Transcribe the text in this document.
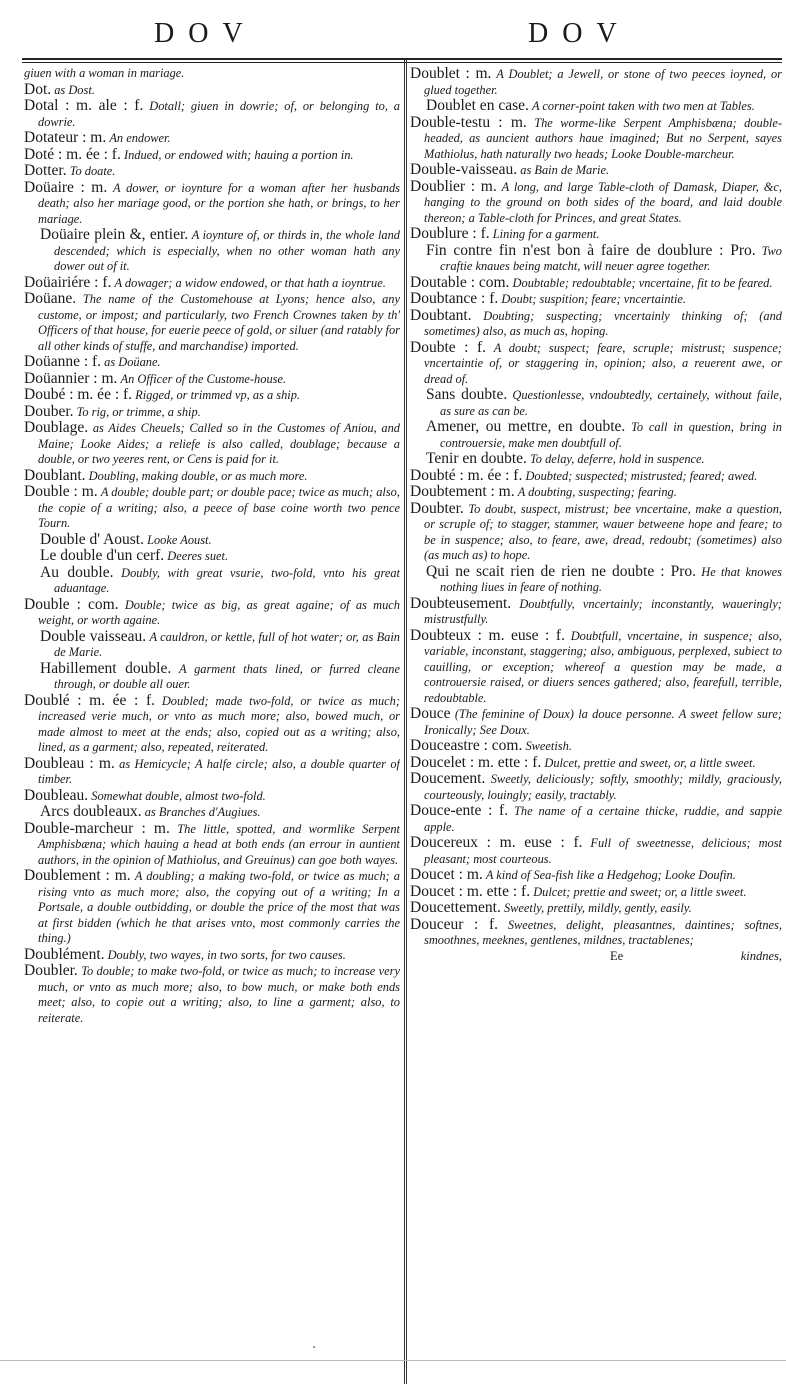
DOV	DOV

giuen with a woman in mariage.

Dot. as Dost.

Dotal : m. ale : f. Dotall; giuen in dowrie; of, or belonging to, a dowrie.

Dotateur : m. An endower.

Doté : m. ée : f. Indued, or endowed with; hauing a portion in.

Dotter. To doate.

Doüaire : m. A dower, or ioynture for a woman after her husbands death; also her mariage good, or the portion she hath, or brings, to her mariage.

Doüaire plein &, entier. A ioynture of, or thirds in, the whole land descended; which is especially, when no other woman hath any dower out of it.

Doüairiére : f. A dowager; a widow endowed, or that hath a ioyntrue.

Doüane. The name of the Customehouse at Lyons; hence also, any custome, or impost; and particularly, two French Crownes taken by th' Officers of that house, for euerie peece of gold, or siluer (and ratably for all other kinds of stuffe, and marchandise) imported.

Doüanne : f. as Doüane.

Doüannier : m. An Officer of the Custome-house.

Doubé : m. ée : f. Rigged, or trimmed vp, as a ship.

Douber. To rig, or trimme, a ship.

Doublage. as Aides Cheuels; Called so in the Customes of Aniou, and Maine; Looke Aides; a reliefe is also called, doublage; because a double, or two yeeres rent, or Cens is paid for it.

Doublant. Doubling, making double, or as much more.

Double : m. A double; double part; or double pace; twice as much; also, the copie of a writing; also, a peece of base coine worth two pence Tourn.

Double d' Aoust. Looke Aoust.

Le double d'un cerf. Deeres suet.

Au double. Doubly, with great vsurie, two-fold, vnto his great aduantage.

Double : com. Double; twice as big, as great againe; of as much weight, or worth againe.

Double vaisseau. A cauldron, or kettle, full of hot water; or, as Bain de Marie.

Habillement double. A garment thats lined, or furred cleane through, or double all ouer.

Doublé : m. ée : f. Doubled; made two-fold, or twice as much; increased verie much, or vnto as much more; also, bowed much, or made almost to meet at the ends; also, copied out as a writing; also, lined, as a garment; also, repeated, reiterated.

Doubleau : m. as Hemicycle; A halfe circle; also, a double quarter of timber.

Doubleau. Somewhat double, almost two-fold.

Arcs doubleaux. as Branches d'Augiues.

Double-marcheur : m. The little, spotted, and wormlike Serpent Amphisbæna; which hauing a head at both ends (an errour in auntient authors, in the opinion of Mathiolus, and Greuinus) can goe both wayes.

Doublement : m. A doubling; a making two-fold, or twice as much; a rising vnto as much more; also, the copying out of a writing; In a Portsale, a double outbidding, or double the price of the most that was at first bidden (which he that arises vnto, most commonly carries the thing.)

Doublément. Doubly, two wayes, in two sorts, for two causes.

Doubler. To double; to make two-fold, or twice as much; to increase very much, or vnto as much more; also, to bow much, or make both ends meet; also, to copie out a writing; also, to line a garment; also, to reiterate.

Doublet : m. A Doublet; a Jewell, or stone of two peeces ioyned, or glued together.

Doublet en case. A corner-point taken with two men at Tables.

Double-testu : m. The worme-like Serpent Amphisbæna; double-headed, as auncient authors haue imagined; But no Serpent, sayes Mathiolus, hath naturally two heads; Looke Double-marcheur.

Double-vaisseau. as Bain de Marie.

Doublier : m. A long, and large Table-cloth of Damask, Diaper, &c, hanging to the ground on both sides of the board, and laid double thereon; a Table-cloth for Princes, and great States.

Doublure : f. Lining for a garment.

Fin contre fin n'est bon à faire de doublure : Pro. Two craftie knaues being matcht, will neuer agree together.

Doutable : com. Doubtable; redoubtable; vncertaine, fit to be feared.

Doubtance : f. Doubt; suspition; feare; vncertaintie.

Doubtant. Doubting; suspecting; vncertainly thinking of; (and sometimes) also, as much as, hoping.

Doubte : f. A doubt; suspect; feare, scruple; mistrust; suspence; vncertaintie of, or staggering in, opinion; also, a reuerent awe, or dread of.

Sans doubte. Questionlesse, vndoubtedly, certainely, without faile, as sure as can be.

Amener, ou mettre, en doubte. To call in question, bring in controuersie, make men doubtfull of.

Tenir en doubte. To delay, deferre, hold in suspence.

Doubté : m. ée : f. Doubted; suspected; mistrusted; feared; awed.

Doubtement : m. A doubting, suspecting; fearing.

Doubter. To doubt, suspect, mistrust; bee vncertaine, make a question, or scruple of; to stagger, stammer, wauer betweene hope and feare; to be in suspence; also, to feare, awe, dread, redoubt; (sometimes) also (as much as) to hope.

Qui ne scait rien de rien ne doubte : Pro. He that knowes nothing liues in feare of nothing.

Doubteusement. Doubtfully, vncertainly; inconstantly, waueringly; mistrustfully.

Doubteux : m. euse : f. Doubtfull, vncertaine, in suspence; also, variable, inconstant, staggering; also, ambiguous, perplexed, subiect to cauilling, or exception; whereof a question may be made, a controuersie raised, or diuers sences gathered; also, fearefull, terrible, redoubtable.

Douce (The feminine of Doux) la douce personne. A sweet fellow sure; Ironically; See Doux.

Douceastre : com. Sweetish.

Doucelet : m. ette : f. Dulcet, prettie and sweet, or, a little sweet.

Doucement. Sweetly, deliciously; softly, smoothly; mildly, graciously, courteously, louingly; easily, tractably.

Douce-ente : f. The name of a certaine thicke, ruddie, and sappie apple.

Doucereux : m. euse : f. Full of sweetnesse, delicious; most pleasant; most courteous.

Doucet : m. A kind of Sea-fish like a Hedgehog; Looke Doufin.

Doucet : m. ette : f. Dulcet; prettie and sweet; or, a little sweet.

Doucettement. Sweetly, prettily, mildly, gently, easily.

Douceur : f. Sweetnes, delight, pleasantnes, daintines; softnes, smoothnes, meeknes, gentlenes, mildnes, tractablenes;

Ee	kindnes,
